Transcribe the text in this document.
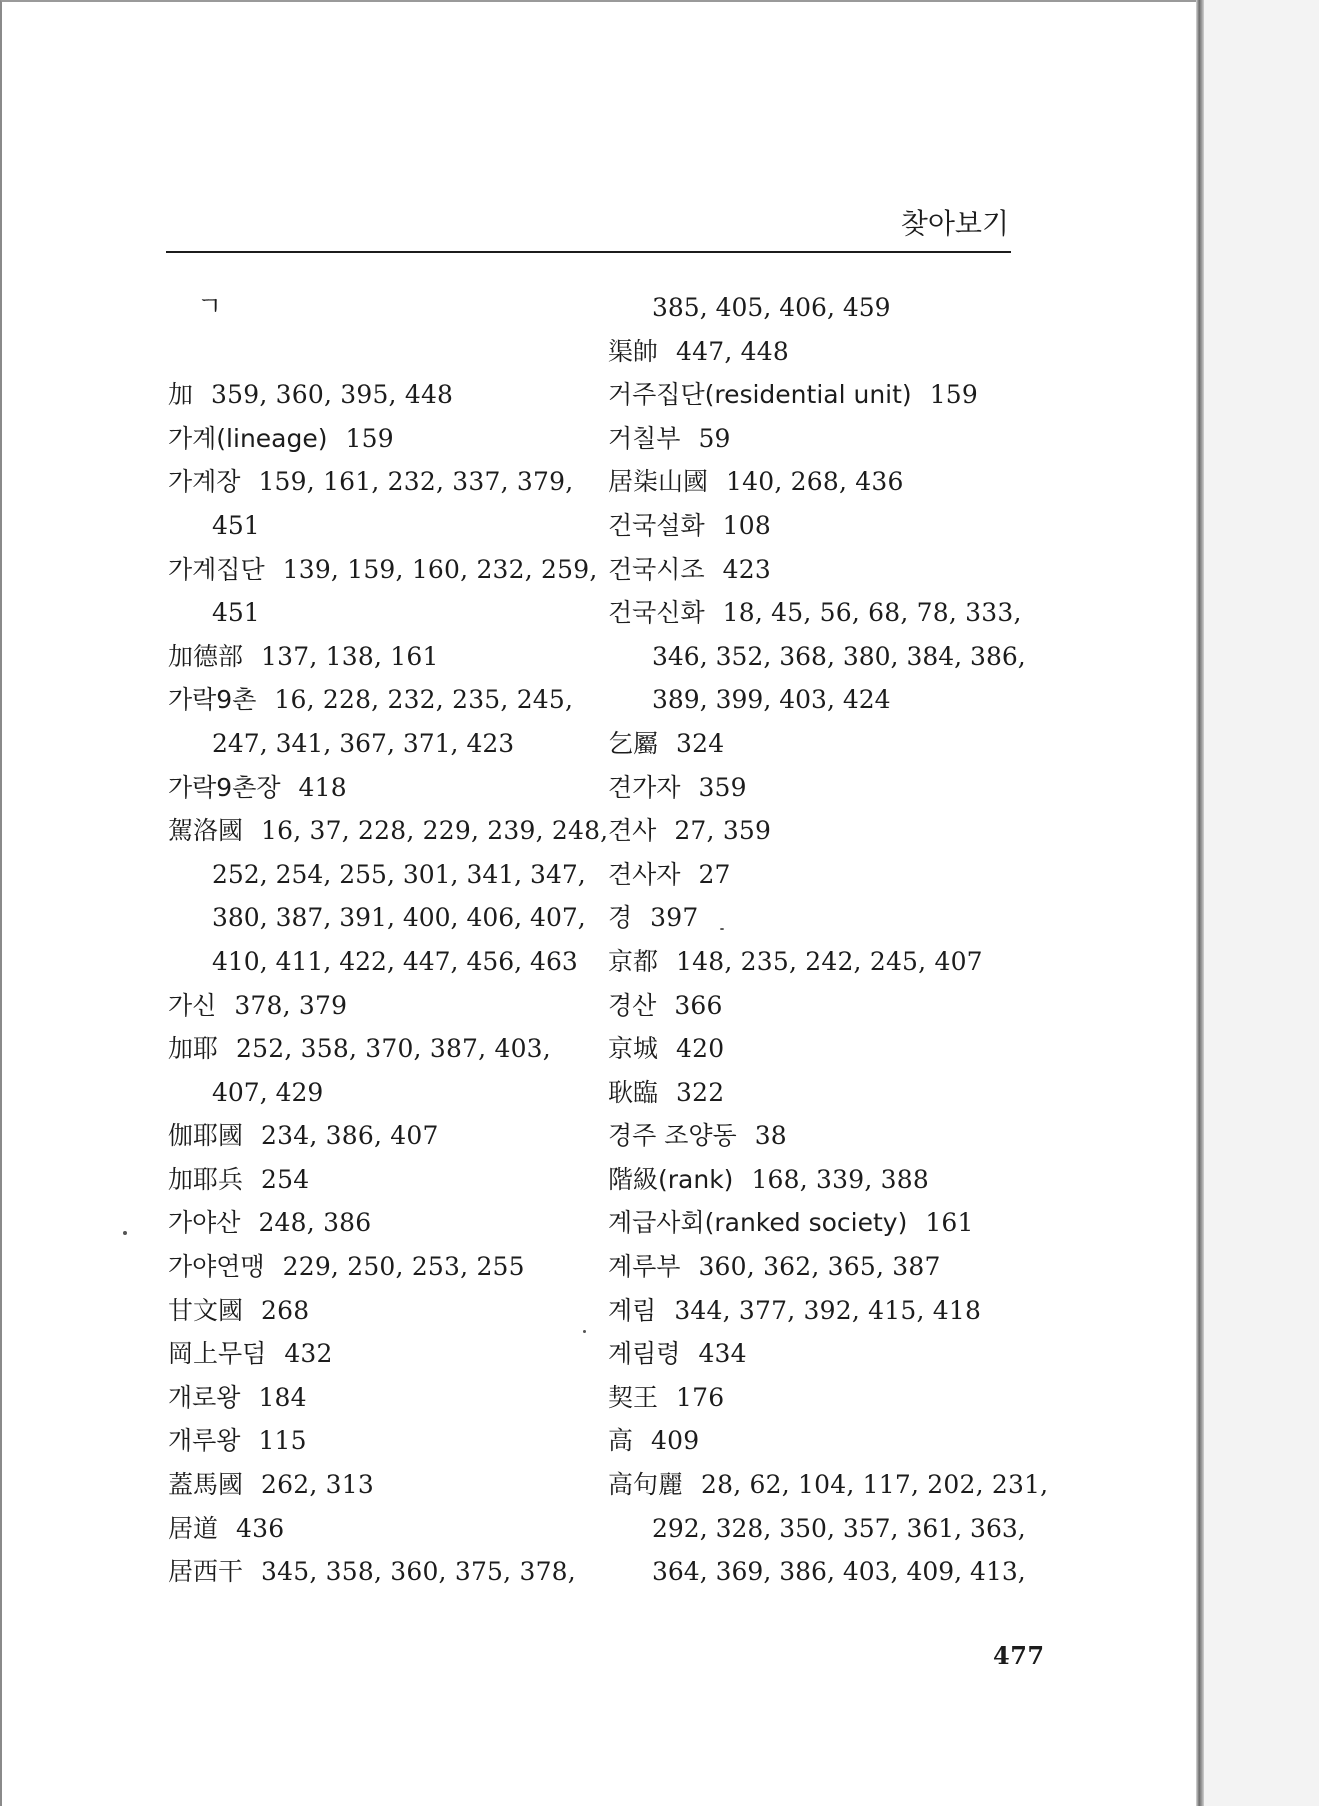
찾아보기
ㄱ
加 359, 360, 395, 448
가계(lineage) 159
가계장 159, 161, 232, 337, 379,
451
가계집단 139, 159, 160, 232, 259,
451
加德部 137, 138, 161
가락9촌 16, 228, 232, 235, 245,
247, 341, 367, 371, 423
가락9촌장 418
駕洛國 16, 37, 228, 229, 239, 248,
252, 254, 255, 301, 341, 347,
380, 387, 391, 400, 406, 407,
410, 411, 422, 447, 456, 463
가신 378, 379
加耶 252, 358, 370, 387, 403,
407, 429
伽耶國 234, 386, 407
加耶兵 254
가야산 248, 386
가야연맹 229, 250, 253, 255
甘文國 268
岡上무덤 432
개로왕 184
개루왕 115
蓋馬國 262, 313
居道 436
居西干 345, 358, 360, 375, 378,
385, 405, 406, 459
渠帥 447, 448
거주집단(residential unit) 159
거칠부 59
居柒山國 140, 268, 436
건국설화 108
건국시조 423
건국신화 18, 45, 56, 68, 78, 333,
346, 352, 368, 380, 384, 386,
389, 399, 403, 424
乞屬 324
견가자 359
견사 27, 359
견사자 27
경 397
京都 148, 235, 242, 245, 407
경산 366
京城 420
耿臨 322
경주 조양동 38
階級(rank) 168, 339, 388
계급사회(ranked society) 161
계루부 360, 362, 365, 387
계림 344, 377, 392, 415, 418
계림령 434
契王 176
高 409
高句麗 28, 62, 104, 117, 202, 231,
292, 328, 350, 357, 361, 363,
364, 369, 386, 403, 409, 413,
477
